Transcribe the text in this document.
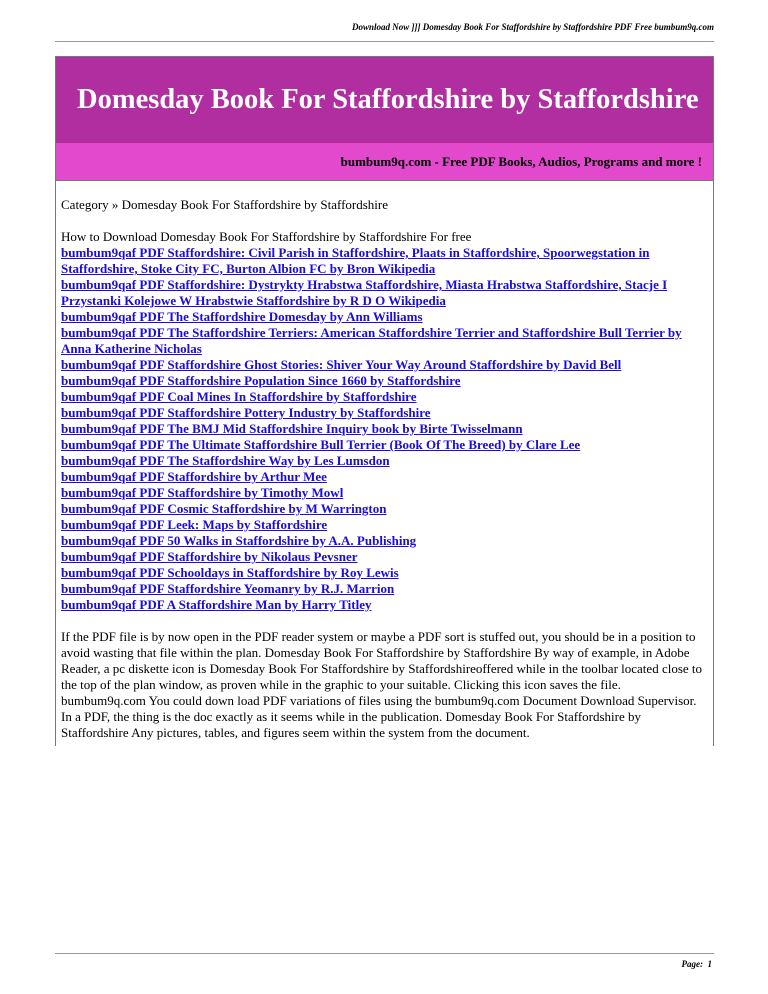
Download Now ]]] Domesday Book For Staffordshire by Staffordshire PDF Free bumbum9q.com
Domesday Book For Staffordshire by Staffordshire
bumbum9q.com - Free PDF Books, Audios, Programs and more !

Category » Domesday Book For Staffordshire by Staffordshire

How to Download Domesday Book For Staffordshire by Staffordshire For free

bumbum9qaf PDF Staffordshire: Civil Parish in Staffordshire, Plaats in Staffordshire, Spoorwegstation in Staffordshire, Stoke City FC, Burton Albion FC by Bron Wikipedia
bumbum9qaf PDF Staffordshire: Dystrykty Hrabstwa Staffordshire, Miasta Hrabstwa Staffordshire, Stacje I Przystanki Kolejowe W Hrabstwie Staffordshire by R D O Wikipedia
bumbum9qaf PDF The Staffordshire Domesday by Ann Williams
bumbum9qaf PDF The Staffordshire Terriers: American Staffordshire Terrier and Staffordshire Bull Terrier by Anna Katherine Nicholas
bumbum9qaf PDF Staffordshire Ghost Stories: Shiver Your Way Around Staffordshire by David Bell
bumbum9qaf PDF Staffordshire Population Since 1660 by Staffordshire
bumbum9qaf PDF Coal Mines In Staffordshire by Staffordshire
bumbum9qaf PDF Staffordshire Pottery Industry by Staffordshire
bumbum9qaf PDF The BMJ Mid Staffordshire Inquiry book by Birte Twisselmann
bumbum9qaf PDF The Ultimate Staffordshire Bull Terrier (Book Of The Breed) by Clare Lee
bumbum9qaf PDF The Staffordshire Way by Les Lumsdon
bumbum9qaf PDF Staffordshire by Arthur Mee
bumbum9qaf PDF Staffordshire by Timothy Mowl
bumbum9qaf PDF Cosmic Staffordshire by M Warrington
bumbum9qaf PDF Leek: Maps by Staffordshire
bumbum9qaf PDF 50 Walks in Staffordshire by A.A. Publishing
bumbum9qaf PDF Staffordshire by Nikolaus Pevsner
bumbum9qaf PDF Schooldays in Staffordshire by Roy Lewis
bumbum9qaf PDF Staffordshire Yeomanry by R.J. Marrion
bumbum9qaf PDF A Staffordshire Man by Harry Titley

If the PDF file is by now open in the PDF reader system or maybe a PDF sort is stuffed out, you should be in a position to avoid wasting that file within the plan. Domesday Book For Staffordshire by Staffordshire By way of example, in Adobe Reader, a pc diskette icon is Domesday Book For Staffordshire by Staffordshireoffered while in the toolbar located close to the top of the plan window, as proven while in the graphic to your suitable. Clicking this icon saves the file.

bumbum9q.com You could down load PDF variations of files using the bumbum9q.com Document Download Supervisor. In a PDF, the thing is the doc exactly as it seems while in the publication. Domesday Book For Staffordshire by Staffordshire Any pictures, tables, and figures seem within the system from the document.

Page: 1
